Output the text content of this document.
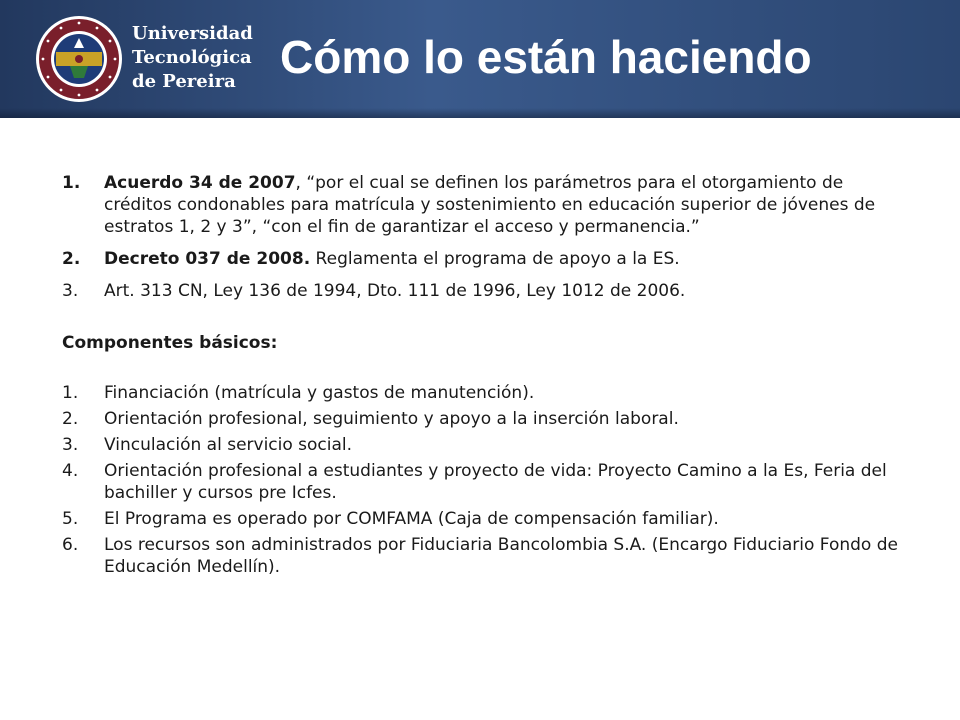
Universidad
Tecnológica
de Pereira Cómo lo están haciendo
1.	Acuerdo 34 de 2007, “por el cual se definen los parámetros para el otorgamiento de créditos condonables para matrícula y sostenimiento en educación superior de jóvenes de estratos 1, 2 y 3”, “con el fin de garantizar el acceso y permanencia.”
2.	Decreto 037 de 2008. Reglamenta el programa de apoyo a la ES.
3.	Art. 313 CN, Ley 136 de 1994, Dto. 111 de 1996, Ley 1012 de 2006.
Componentes básicos:
1.	Financiación (matrícula y gastos de manutención).
2.	Orientación profesional, seguimiento y apoyo a la inserción laboral.
3.	Vinculación al servicio social.
4.	Orientación profesional a estudiantes y proyecto de vida: Proyecto Camino a la Es, Feria del bachiller y cursos pre Icfes.
5.	El Programa es operado por COMFAMA (Caja de compensación familiar).
6.	Los recursos son administrados por Fiduciaria Bancolombia S.A. (Encargo Fiduciario Fondo de Educación Medellín).
